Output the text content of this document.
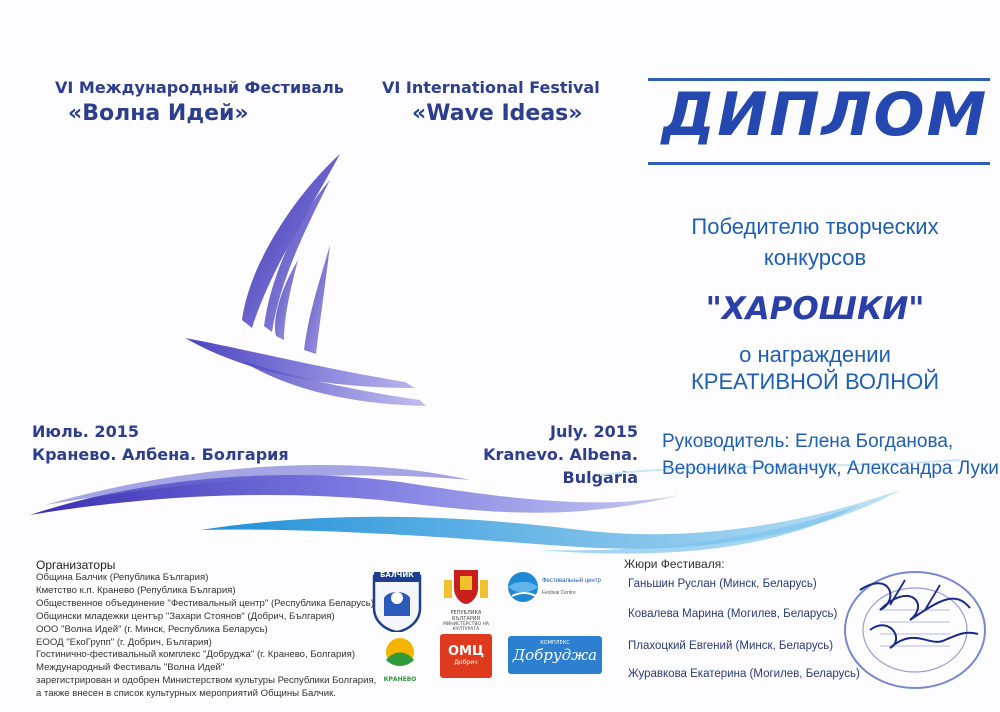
VI Международный Фестиваль
«Волна Идей»
VI International Festival
«Wave Ideas»
Июль. 2015
Кранево. Албена. Болгария
July. 2015
Kranevo. Albena. Bulgaria
ДИПЛОМ
Победителю творческих
конкурсов
"ХАРОШКИ"
о награждении
КРЕАТИВНОЙ ВОЛНОЙ
Руководитель: Елена Богданова,
Вероника Романчук, Александра Луки
Организаторы
Община Балчик (Република България)
Кметство к.п. Кранево (Република България)
Общественное объединение "Фестивальный центр" (Республика Беларусь)
Общински младежки център "Захари Стоянов" (Добрич, България)
ООО "Волна Идей" (г. Минск, Республика Беларусь)
ЕООД "ЕкоГрупп" (г. Добрич, България)
Гостинично-фестивальный комплекс "Добруджа" (г. Кранево, Болгария)
Международный Фестиваль "Волна Идей"
зарегистрирован и одобрен Министерством культуры Республики Болгария,
а также внесен в список культурных мероприятий Общины Балчик.
БАЛЧИК
РЕПУБЛИКА БЪЛГАРИЯ
МИНИСТЕРСТВО НА КУЛТУРАТА
Фестивальный центр
Festival Centre
КРАНЕВО
ОМЦ
Добрич
КОМПЛЕКС
Добруджа
Жюри Фестиваля:
Ганьшин Руслан (Минск, Беларусь)
Ковалева Марина (Могилев, Беларусь)
Плахоцкий Евгений (Минск, Беларусь)
Журавкова Екатерина (Могилев, Беларусь)
